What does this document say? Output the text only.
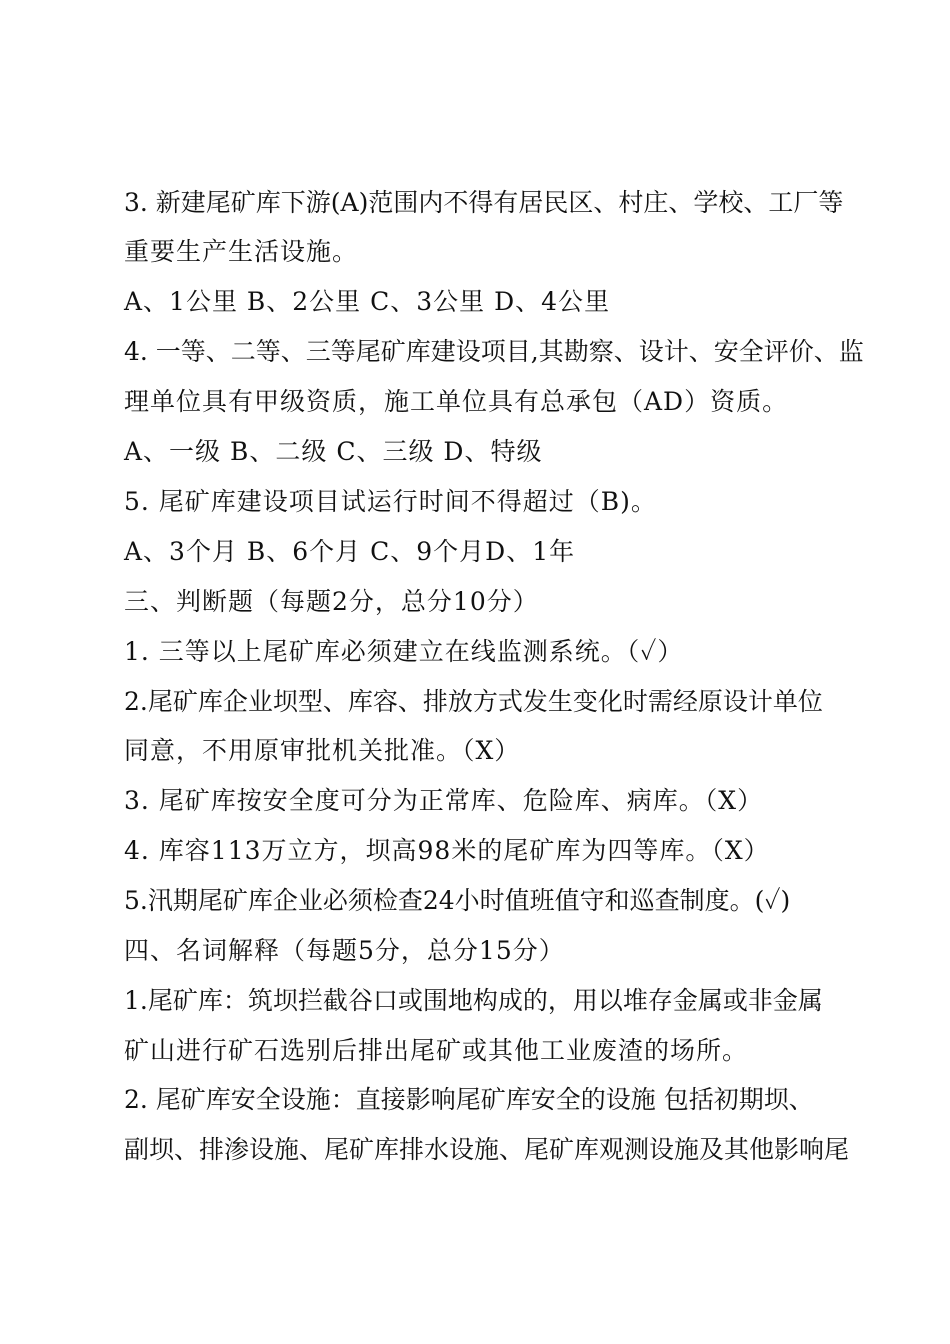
3. 新建尾矿库下游(A)范围内不得有居民区、村庄、学校、工厂等
重要生产生活设施。
A、1公里 B、2公里 C、3公里 D、4公里
4. 一等、二等、三等尾矿库建设项目,其勘察、设计、安全评价、监
理单位具有甲级资质，施工单位具有总承包（AD）资质。
A、一级 B、二级 C、三级 D、特级
5. 尾矿库建设项目试运行时间不得超过（B)。
A、3个月 B、6个月 C、9个月D、1年
三、判断题（每题2分，总分10分）
1. 三等以上尾矿库必须建立在线监测系统。（✓）
2.尾矿库企业坝型、库容、排放方式发生变化时需经原设计单位
同意，不用原审批机关批准。（X）
3. 尾矿库按安全度可分为正常库、危险库、病库。（X）
4. 库容113万立方，坝高98米的尾矿库为四等库。（X）
5.汛期尾矿库企业必须检查24小时值班值守和巡查制度。(✓)
四、名词解释（每题5分，总分15分）
1.尾矿库：筑坝拦截谷口或围地构成的，用以堆存金属或非金属
矿山进行矿石选别后排出尾矿或其他工业废渣的场所。
2. 尾矿库安全设施：直接影响尾矿库安全的设施 包括初期坝、
副坝、排渗设施、尾矿库排水设施、尾矿库观测设施及其他影响尾
